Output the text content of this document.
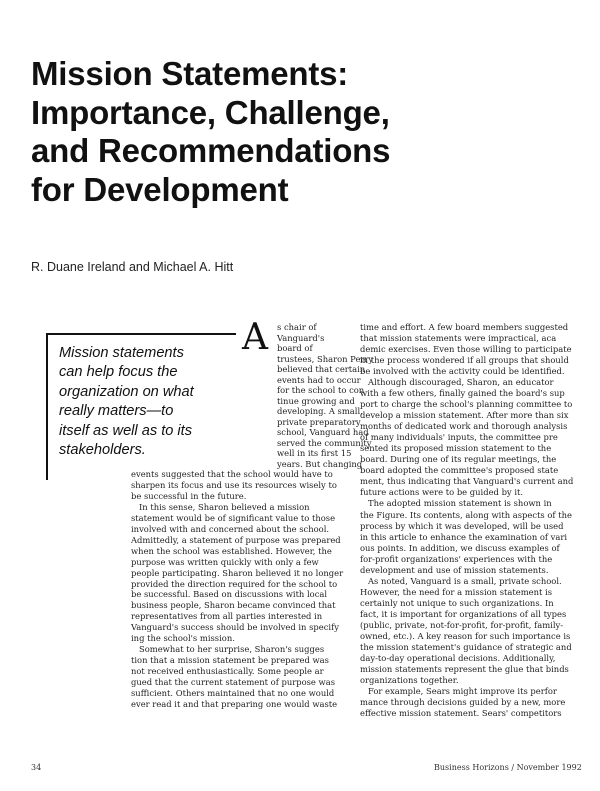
Mission Statements:
Importance, Challenge,
and Recommendations
for Development
R. Duane Ireland and Michael A. Hitt
Mission statements
can help focus the
organization on what
really matters—to
itself as well as to its
stakeholders.
A s chair of
Vanguard's
board of
trustees, Sharon Perry
believed that certain
events had to occur
for the school to con
tinue growing and
developing. A small,
private preparatory
school, Vanguard had
served the community
well in its first 15
years. But changing
events suggested that the school would have to
sharpen its focus and use its resources wisely to
be successful in the future.
In this sense, Sharon believed a mission
statement would be of significant value to those
involved with and concerned about the school.
Admittedly, a statement of purpose was prepared
when the school was established. However, the
purpose was written quickly with only a few
people participating. Sharon believed it no longer
provided the direction required for the school to
be successful. Based on discussions with local
business people, Sharon became convinced that
representatives from all parties interested in
Vanguard's success should be involved in specify
ing the school's mission.
Somewhat to her surprise, Sharon's sugges
tion that a mission statement be prepared was
not received enthusiastically. Some people ar
gued that the current statement of purpose was
sufficient. Others maintained that no one would
ever read it and that preparing one would waste
time and effort. A few board members suggested
that mission statements were impractical, aca
demic exercises. Even those willing to participate
in the process wondered if all groups that should
be involved with the activity could be identified.
Although discouraged, Sharon, an educator
with a few others, finally gained the board's sup
port to charge the school's planning committee to
develop a mission statement. After more than six
months of dedicated work and thorough analysis
of many individuals' inputs, the committee pre
sented its proposed mission statement to the
board. During one of its regular meetings, the
board adopted the committee's proposed state
ment, thus indicating that Vanguard's current and
future actions were to be guided by it.
The adopted mission statement is shown in
the Figure. Its contents, along with aspects of the
process by which it was developed, will be used
in this article to enhance the examination of vari
ous points. In addition, we discuss examples of
for-profit organizations' experiences with the
development and use of mission statements.
As noted, Vanguard is a small, private school.
However, the need for a mission statement is
certainly not unique to such organizations. In
fact, it is important for organizations of all types
(public, private, not-for-profit, for-profit, family-
owned, etc.). A key reason for such importance is
the mission statement's guidance of strategic and
day-to-day operational decisions. Additionally,
mission statements represent the glue that binds
organizations together.
For example, Sears might improve its perfor
mance through decisions guided by a new, more
effective mission statement. Sears' competitors
34	Business Horizons / November 1992
